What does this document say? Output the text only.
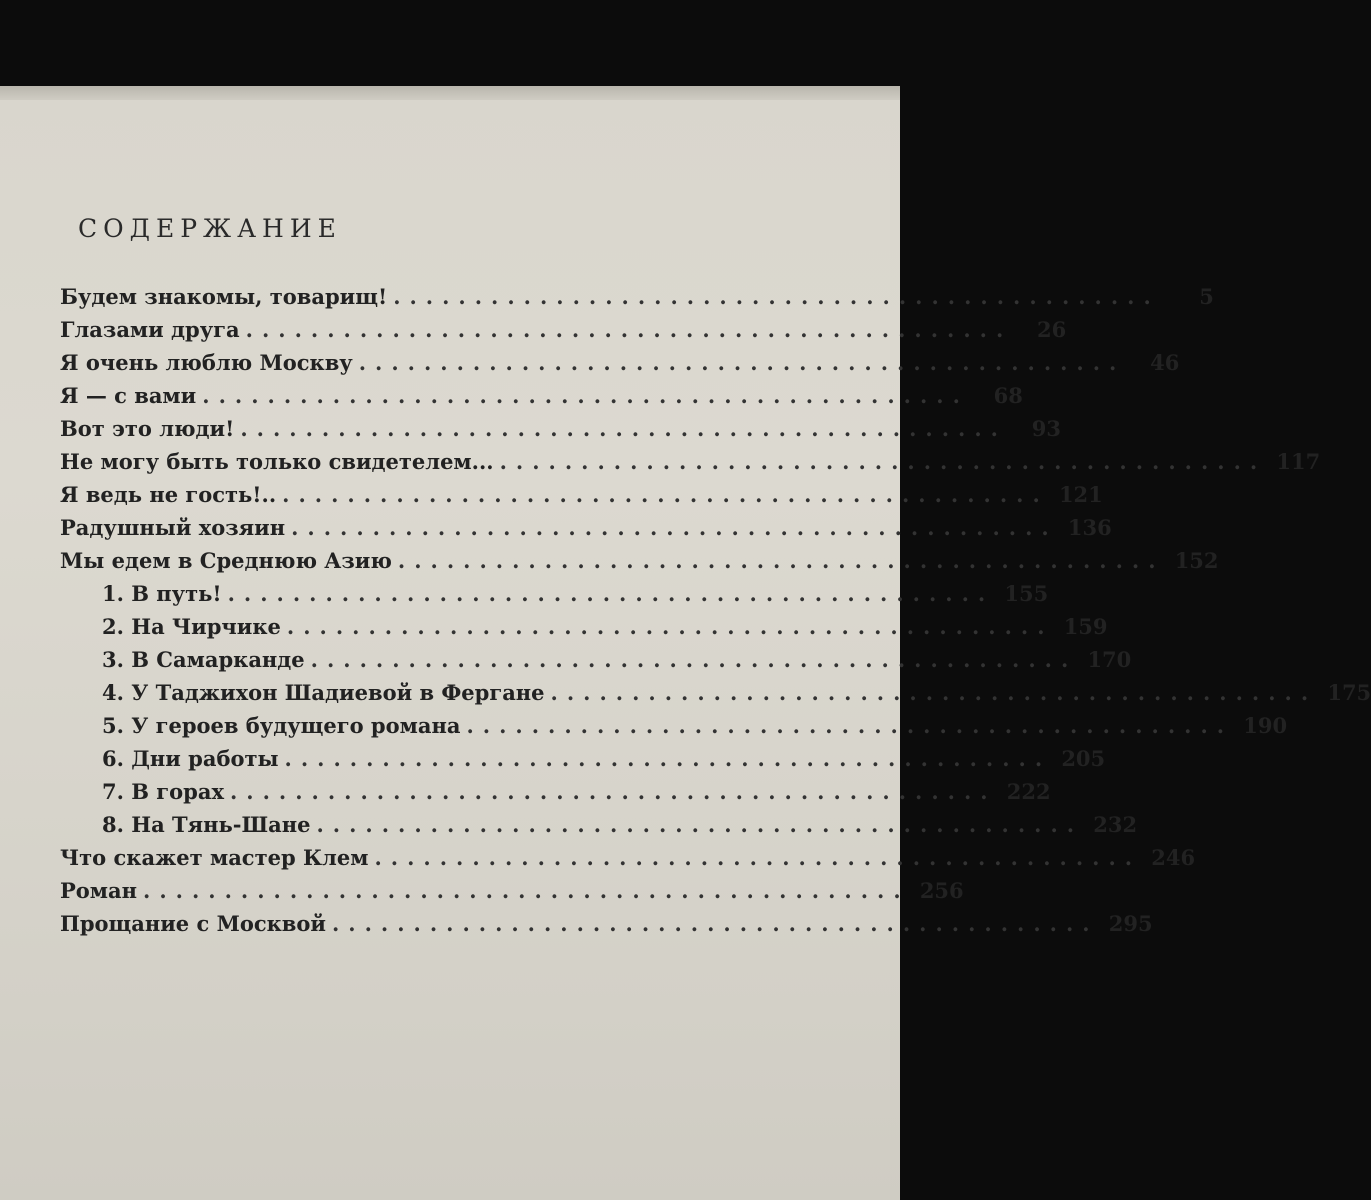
СОДЕРЖАНИЕ
Будем знакомы, товарищ! ...............................................	5
Глазами друга ...............................................	26
Я очень люблю Москву ...............................................	46
Я — с вами ...............................................	68
Вот это люди! ...............................................	93
Не могу быть только свидетелем... ............................................... 117
Я ведь не гость!.. ............................................... 121
Радушный хозяин ............................................... 136
Мы едем в Среднюю Азию ............................................... 152
1. В путь! ............................................... 155
2. На Чирчике ............................................... 159
3. В Самарканде ............................................... 170
4. У Таджихон Шадиевой в Фергане ............................................... 175
5. У героев будущего романа ............................................... 190
6. Дни работы ............................................... 205
7. В горах ............................................... 222
8. На Тянь-Шане ............................................... 232
Что скажет мастер Клем ............................................... 246
Роман ............................................... 256
Прощание с Москвой ............................................... 295
